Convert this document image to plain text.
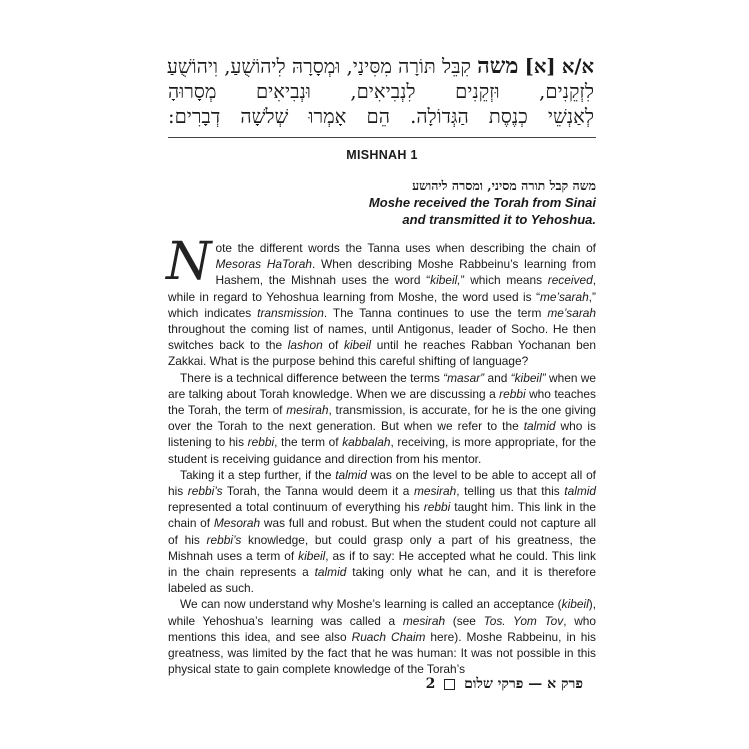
א/א [א] משה קִבֵּל תּוֹרָה מִסִּינַי, וּמְסָרָהּ לִיהוֹשֻׁעַ, וִיהוֹשֻׁעַ
לִזְקֵנִים, וּזְקֵנִים לִנְבִיאִים, וּנְבִיאִים מְסָרוּהָ
לְאַנְשֵׁי כְנֶסֶת הַגְּדוֹלָה. הֵם אָמְרוּ שְׁלשָׁה דְבָרִים:
MISHNAH 1
משה קבל תורה מסיני, ומסרה ליהושע
Moshe received the Torah from Sinai
and transmitted it to Yehoshua.

Note the different words the Tanna uses when describing the chain of Mesoras HaTorah. When describing Moshe Rabbeinu’s learning from Hashem, the Mishnah uses the word “kibeil,” which means received, while in regard to Yehoshua learning from Moshe, the word used is “me’sarah,” which indicates transmission. The Tanna continues to use the term me’sarah throughout the coming list of names, until Antigonus, leader of Socho. He then switches back to the lashon of kibeil until he reaches Rabban Yochanan ben Zakkai. What is the purpose behind this careful shifting of language?

There is a technical difference between the terms “masar” and “kibeil” when we are talking about Torah knowledge. When we are discussing a rebbi who teaches the Torah, the term of mesirah, transmission, is accurate, for he is the one giving over the Torah to the next generation. But when we refer to the talmid who is listening to his rebbi, the term of kabbalah, receiving, is more appropriate, for the student is receiving guidance and direction from his mentor.

Taking it a step further, if the talmid was on the level to be able to accept all of his rebbi’s Torah, the Tanna would deem it a mesirah, telling us that this talmid represented a total continuum of everything his rebbi taught him. This link in the chain of Mesorah was full and robust. But when the student could not capture all of his rebbi’s knowledge, but could grasp only a part of his greatness, the Mishnah uses a term of kibeil, as if to say: He accepted what he could. This link in the chain represents a talmid taking only what he can, and it is therefore labeled as such.

We can now understand why Moshe’s learning is called an acceptance (kibeil), while Yehoshua’s learning was called a mesirah (see Tos. Yom Tov, who mentions this idea, and see also Ruach Chaim here). Moshe Rabbeinu, in his greatness, was limited by the fact that he was human: It was not possible in this physical state to gain complete knowledge of the Torah’s

פרק א — פרקי שלום  2
